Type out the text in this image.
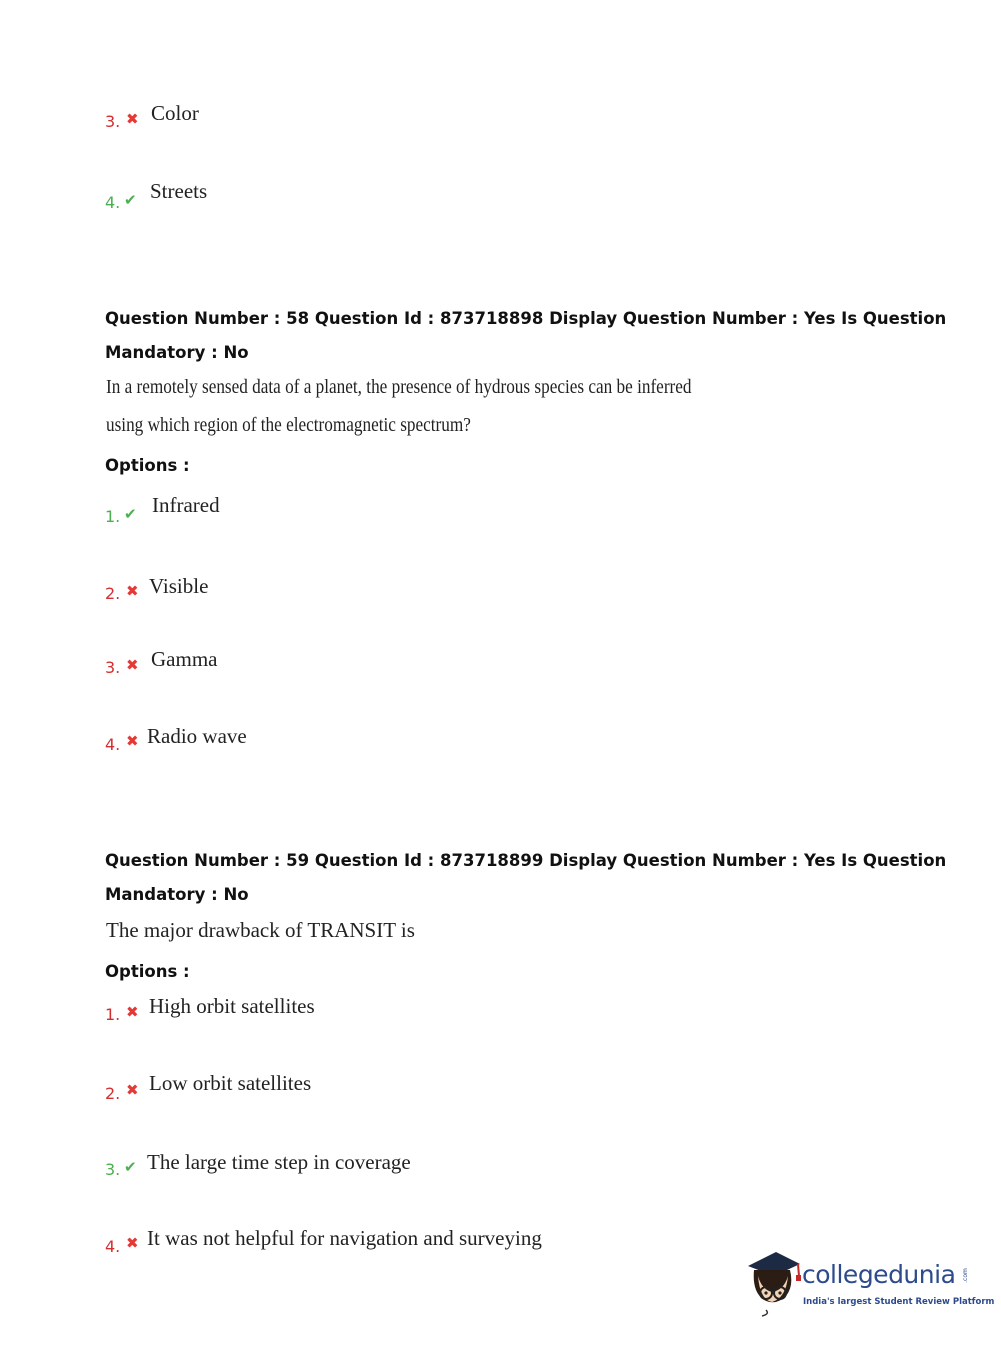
3. ✖ Color
4. ✔ Streets
Question Number : 58 Question Id : 873718898 Display Question Number : Yes Is Question
Mandatory : No
In a remotely sensed data of a planet, the presence of hydrous species can be inferred
using which region of the electromagnetic spectrum?
Options :
1. ✔ Infrared
2. ✖ Visible
3. ✖ Gamma
4. ✖ Radio wave
Question Number : 59 Question Id : 873718899 Display Question Number : Yes Is Question
Mandatory : No
The major drawback of TRANSIT is
Options :
1. ✖ High orbit satellites
2. ✖ Low orbit satellites
3. ✔ The large time step in coverage
4. ✖ It was not helpful for navigation and surveying
collegedunia .com
India's largest Student Review Platform
